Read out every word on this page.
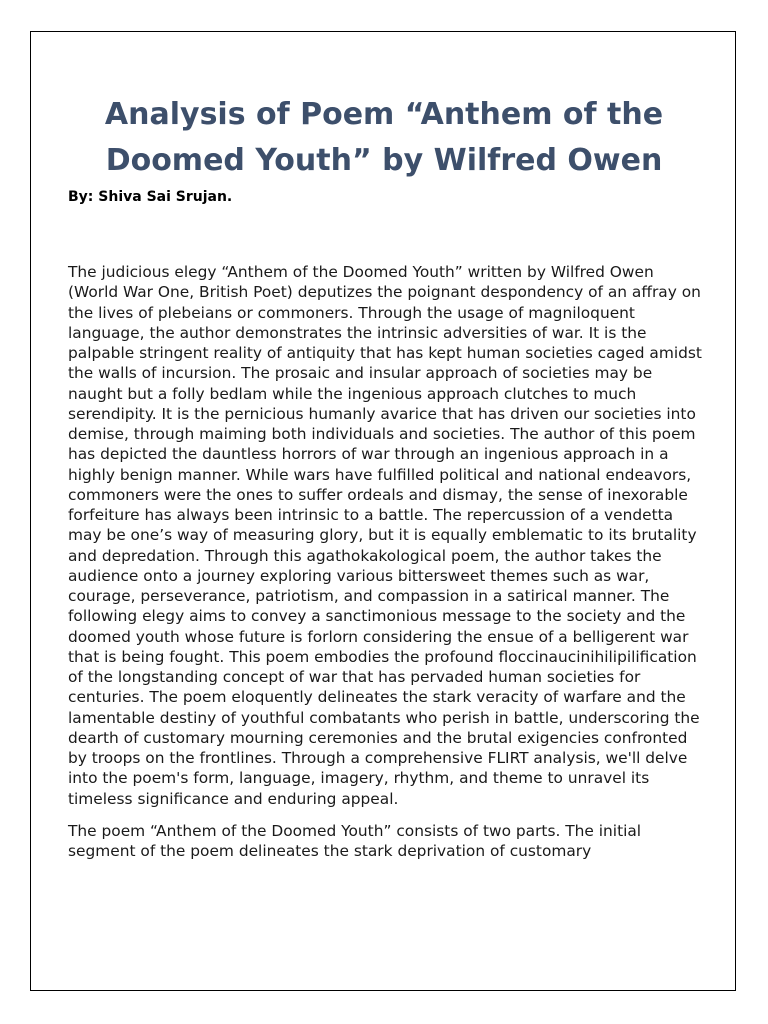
Analysis of Poem “Anthem of the
Doomed Youth” by Wilfred Owen

By: Shiva Sai Srujan.

The judicious elegy “Anthem of the Doomed Youth” written by Wilfred Owen (World War One, British Poet) deputizes the poignant despondency of an affray on the lives of plebeians or commoners. Through the usage of magniloquent language, the author demonstrates the intrinsic adversities of war. It is the palpable stringent reality of antiquity that has kept human societies caged amidst the walls of incursion. The prosaic and insular approach of societies may be naught but a folly bedlam while the ingenious approach clutches to much serendipity. It is the pernicious humanly avarice that has driven our societies into demise, through maiming both individuals and societies. The author of this poem has depicted the dauntless horrors of war through an ingenious approach in a highly benign manner. While wars have fulfilled political and national endeavors, commoners were the ones to suffer ordeals and dismay, the sense of inexorable forfeiture has always been intrinsic to a battle. The repercussion of a vendetta may be one’s way of measuring glory, but it is equally emblematic to its brutality and depredation. Through this agathokakological poem, the author takes the audience onto a journey exploring various bittersweet themes such as war, courage, perseverance, patriotism, and compassion in a satirical manner. The following elegy aims to convey a sanctimonious message to the society and the doomed youth whose future is forlorn considering the ensue of a belligerent war that is being fought. This poem embodies the profound floccinaucinihilipilification of the longstanding concept of war that has pervaded human societies for centuries. The poem eloquently delineates the stark veracity of warfare and the lamentable destiny of youthful combatants who perish in battle, underscoring the dearth of customary mourning ceremonies and the brutal exigencies confronted by troops on the frontlines. Through a comprehensive FLIRT analysis, we'll delve into the poem's form, language, imagery, rhythm, and theme to unravel its timeless significance and enduring appeal.

The poem “Anthem of the Doomed Youth” consists of two parts. The initial segment of the poem delineates the stark deprivation of customary
